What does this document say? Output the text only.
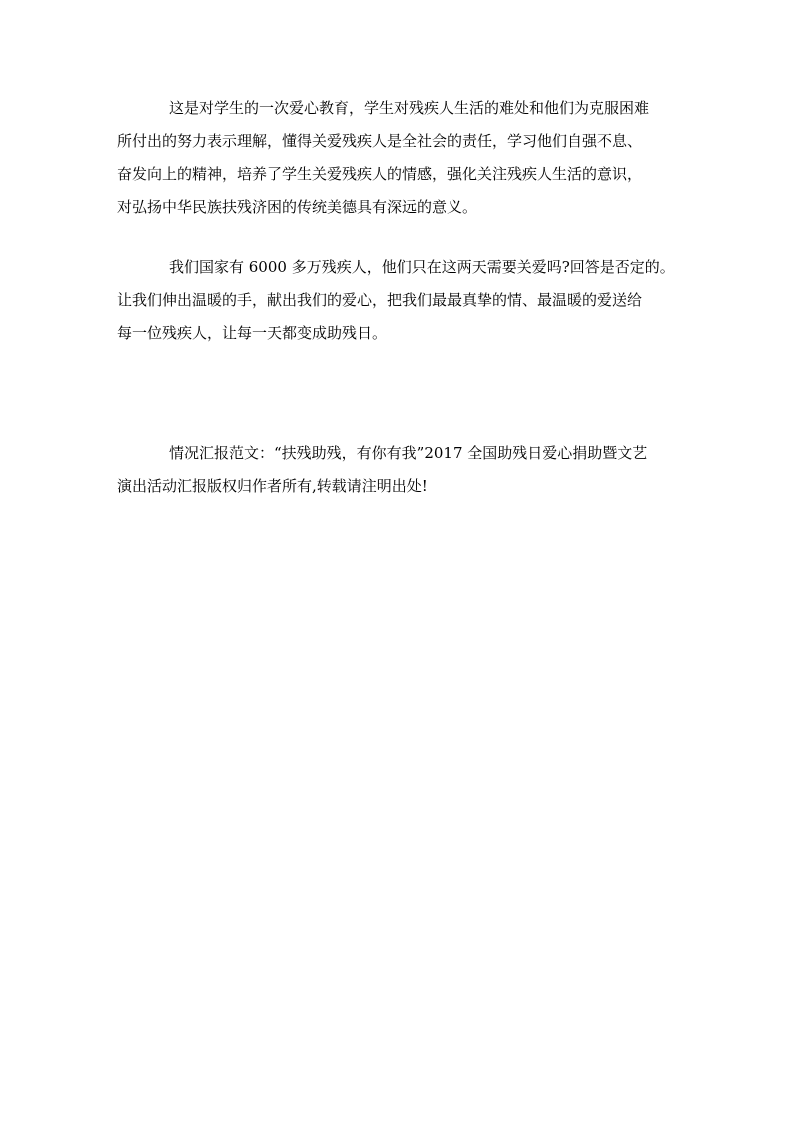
这是对学生的一次爱心教育，学生对残疾人生活的难处和他们为克服困难
所付出的努力表示理解，懂得关爱残疾人是全社会的责任，学习他们自强不息、
奋发向上的精神，培养了学生关爱残疾人的情感，强化关注残疾人生活的意识，
对弘扬中华民族扶残济困的传统美德具有深远的意义。

我们国家有 6000 多万残疾人，他们只在这两天需要关爱吗?回答是否定的。
让我们伸出温暖的手，献出我们的爱心，把我们最最真挚的情、最温暖的爱送给
每一位残疾人，让每一天都变成助残日。

情况汇报范文：“扶残助残，有你有我”2017 全国助残日爱心捐助暨文艺
演出活动汇报版权归作者所有,转载请注明出处!
